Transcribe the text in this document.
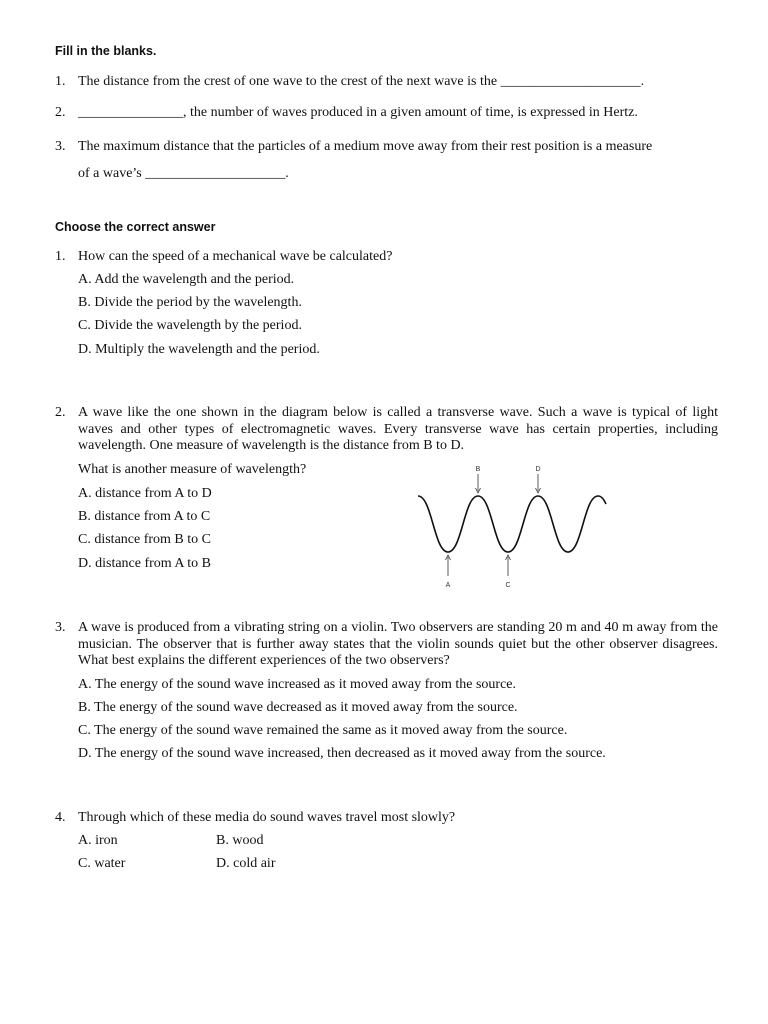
Fill in the blanks.
1. The distance from the crest of one wave to the crest of the next wave is the ____________________.
2. _______________, the number of waves produced in a given amount of time, is expressed in Hertz.
3. The maximum distance that the particles of a medium move away from their rest position is a measure
of a wave’s ____________________.
Choose the correct answer
1. How can the speed of a mechanical wave be calculated?
A. Add the wavelength and the period.
B. Divide the period by the wavelength.
C. Divide the wavelength by the period.
D. Multiply the wavelength and the period.
2. A wave like the one shown in the diagram below is called a transverse wave. Such a wave is typical of light waves and other types of electromagnetic waves. Every transverse wave has certain properties, including wavelength. One measure of wavelength is the distance from B to D.
What is another measure of wavelength?
A. distance from A to D
B. distance from A to C
C. distance from B to C
D. distance from A to B
B	D
A	C
3. A wave is produced from a vibrating string on a violin. Two observers are standing 20 m and 40 m away from the musician. The observer that is further away states that the violin sounds quiet but the other observer disagrees. What best explains the different experiences of the two observers?
A. The energy of the sound wave increased as it moved away from the source.
B. The energy of the sound wave decreased as it moved away from the source.
C. The energy of the sound wave remained the same as it moved away from the source.
D. The energy of the sound wave increased, then decreased as it moved away from the source.
4. Through which of these media do sound waves travel most slowly?
A. iron	B. wood
C. water	D. cold air
